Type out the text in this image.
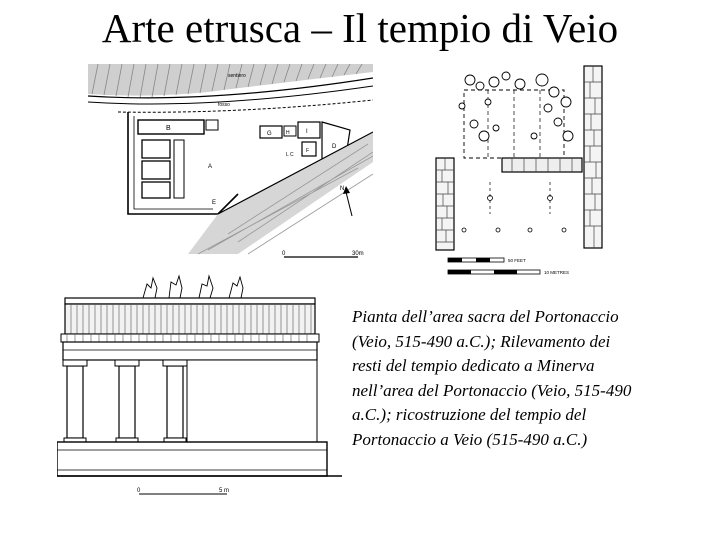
Arte etrusca – Il tempio di Veio
sentiero
fosso
B
A
E
G	H	I
F
L C
D
N
0	30m
50 FEET
10 METRES
0	5 m
Pianta dell’area sacra del Portonaccio
(Veio, 515-490 a.C.); Rilevamento dei
resti del tempio dedicato a Minerva
nell’area del Portonaccio (Veio, 515-490
a.C.); ricostruzione del tempio del
Portonaccio a Veio (515-490 a.C.)
